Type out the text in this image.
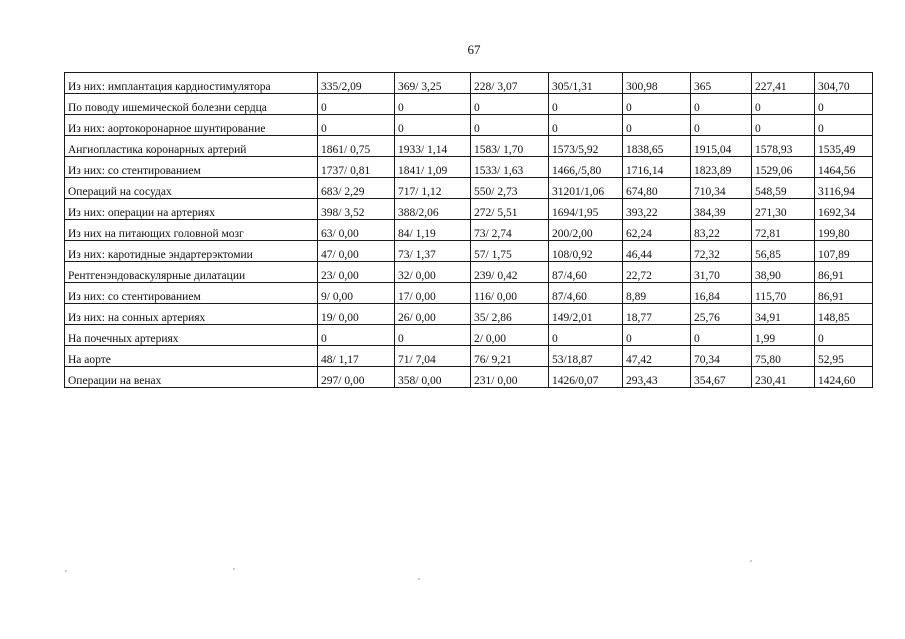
67
Из них: имплантация кардиостимулятора	335/2,09	369/ 3,25	228/ 3,07	305/1,31	300,98	365	227,41	304,70
По поводу ишемической болезни сердца	0	0	0	0	0	0	0	0
Из них: аортокоронарное шунтирование	0	0	0	0	0	0	0	0
Ангиопластика коронарных артерий	1861/ 0,75	1933/ 1,14	1583/ 1,70	1573/5,92	1838,65	1915,04	1578,93	1535,49
Из них: со стентированием	1737/ 0,81	1841/ 1,09	1533/ 1,63	1466,/5,80	1716,14	1823,89	1529,06	1464,56
Операций на сосудах	683/ 2,29	717/ 1,12	550/ 2,73	31201/1,06	674,80	710,34	548,59	3116,94
Из них: операции на артериях	398/ 3,52	388/2,06	272/ 5,51	1694/1,95	393,22	384,39	271,30	1692,34
Из них на питающих головной мозг	63/ 0,00	84/ 1,19	73/ 2,74	200/2,00	62,24	83,22	72,81	199,80
Из них: каротидные эндартерэктомии	47/ 0,00	73/ 1,37	57/ 1,75	108/0,92	46,44	72,32	56,85	107,89
Рентгенэндоваскулярные дилатации	23/ 0,00	32/ 0,00	239/ 0,42	87/4,60	22,72	31,70	38,90	86,91
Из них: со стентированием	9/ 0,00	17/ 0,00	116/ 0,00	87/4,60	8,89	16,84	115,70	86,91
Из них: на сонных артериях	19/ 0,00	26/ 0,00	35/ 2,86	149/2,01	18,77	25,76	34,91	148,85
На почечных артериях	0	0	2/ 0,00	0	0	0	1,99	0
На аорте	48/ 1,17	71/ 7,04	76/ 9,21	53/18,87	47,42	70,34	75,80	52,95
Операции на венах	297/ 0,00	358/ 0,00	231/ 0,00	1426/0,07	293,43	354,67	230,41	1424,60
